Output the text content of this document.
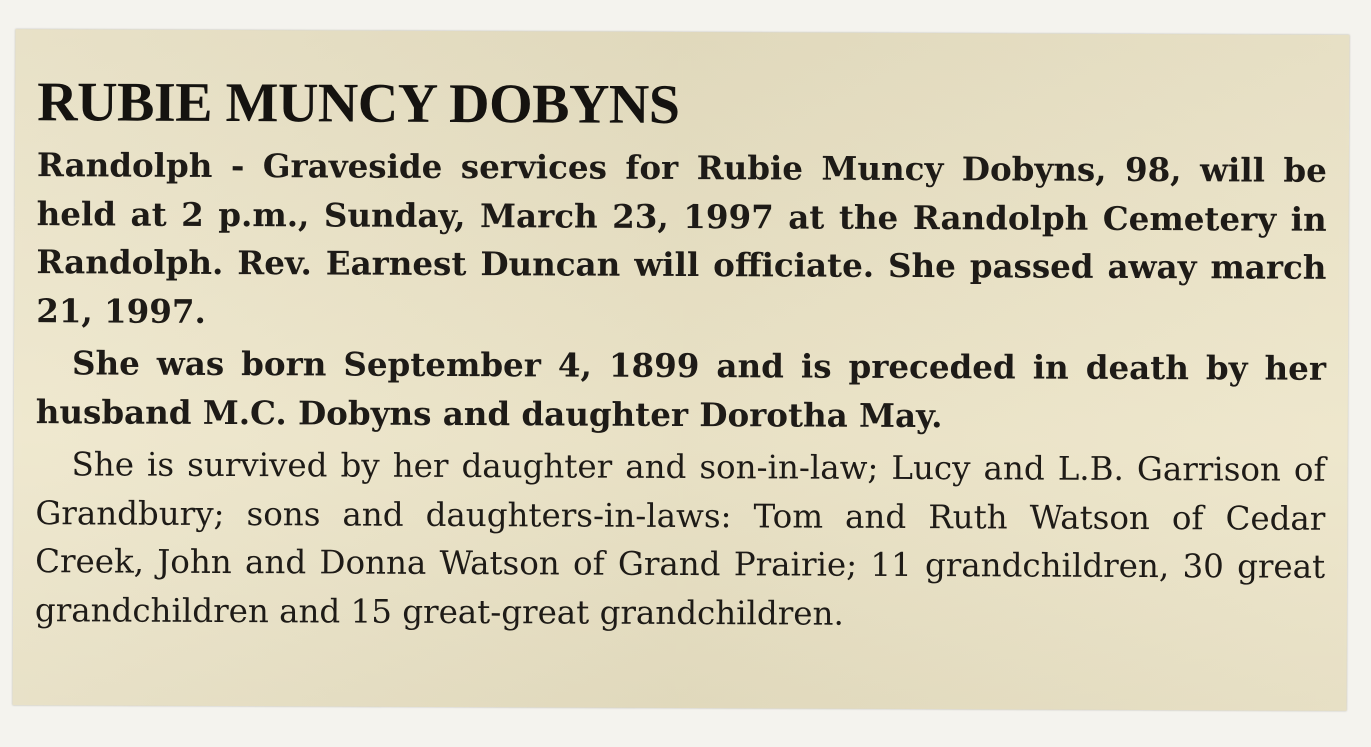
RUBIE MUNCY DOBYNS

Randolph - Graveside services for Rubie Muncy Dobyns, 98, will be held at 2 p.m., Sunday, March 23, 1997 at the Randolph Cemetery in Randolph. Rev. Earnest Duncan will officiate. She passed away march 21, 1997.

She was born September 4, 1899 and is preceded in death by her husband M.C. Dobyns and daughter Dorotha May.

She is survived by her daughter and son-in-law; Lucy and L.B. Garrison of Grandbury; sons and daughters-in-laws: Tom and Ruth Watson of Cedar Creek, John and Donna Watson of Grand Prairie; 11 grandchildren, 30 great grandchildren and 15 great-great grandchildren.
